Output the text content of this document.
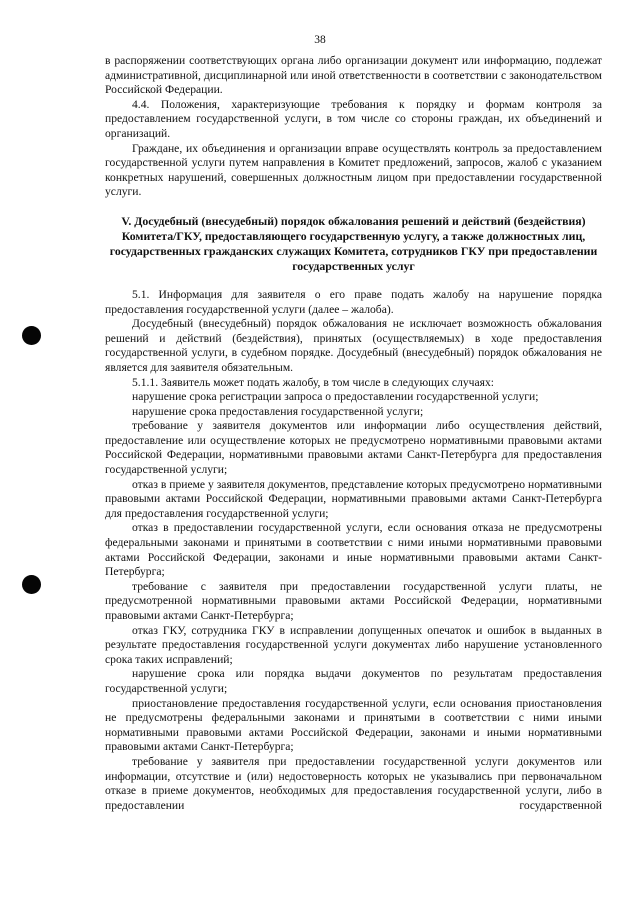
38

в распоряжении соответствующих органа либо организации документ или информацию, подлежат административной, дисциплинарной или иной ответственности в соответствии с законодательством Российской Федерации.

4.4. Положения, характеризующие требования к порядку и формам контроля за предоставлением государственной услуги, в том числе со стороны граждан, их объединений и организаций.

Граждане, их объединения и организации вправе осуществлять контроль за предоставлением государственной услуги путем направления в Комитет предложений, запросов, жалоб с указанием конкретных нарушений, совершенных должностным лицом при предоставлении государственной услуги.

V. Досудебный (внесудебный) порядок обжалования решений и действий (бездействия) Комитета/ГКУ, предоставляющего государственную услугу, а также должностных лиц, государственных гражданских служащих Комитета, сотрудников ГКУ при предоставлении государственных услуг

5.1. Информация для заявителя о его праве подать жалобу на нарушение порядка предоставления государственной услуги (далее – жалоба).

Досудебный (внесудебный) порядок обжалования не исключает возможность обжалования решений и действий (бездействия), принятых (осуществляемых) в ходе предоставления государственной услуги, в судебном порядке. Досудебный (внесудебный) порядок обжалования не является для заявителя обязательным.

5.1.1. Заявитель может подать жалобу, в том числе в следующих случаях:

нарушение срока регистрации запроса о предоставлении государственной услуги;

нарушение срока предоставления государственной услуги;

требование у заявителя документов или информации либо осуществления действий, предоставление или осуществление которых не предусмотрено нормативными правовыми актами Российской Федерации, нормативными правовыми актами Санкт-Петербурга для предоставления государственной услуги;

отказ в приеме у заявителя документов, представление которых предусмотрено нормативными правовыми актами Российской Федерации, нормативными правовыми актами Санкт-Петербурга для предоставления государственной услуги;

отказ в предоставлении государственной услуги, если основания отказа не предусмотрены федеральными законами и принятыми в соответствии с ними иными нормативными правовыми актами Российской Федерации, законами и иные нормативными правовыми актами Санкт-Петербурга;

требование с заявителя при предоставлении государственной услуги платы, не предусмотренной нормативными правовыми актами Российской Федерации, нормативными правовыми актами Санкт-Петербурга;

отказ ГКУ, сотрудника ГКУ в исправлении допущенных опечаток и ошибок в выданных в результате предоставления государственной услуги документах либо нарушение установленного срока таких исправлений;

нарушение срока или порядка выдачи документов по результатам предоставления государственной услуги;

приостановление предоставления государственной услуги, если основания приостановления не предусмотрены федеральными законами и принятыми в соответствии с ними иными нормативными правовыми актами Российской Федерации, законами и иными нормативными правовыми актами Санкт-Петербурга;

требование у заявителя при предоставлении государственной услуги документов или информации, отсутствие и (или) недостоверность которых не указывались при первоначальном отказе в приеме документов, необходимых для предоставления государственной услуги, либо в предоставлении государственной
